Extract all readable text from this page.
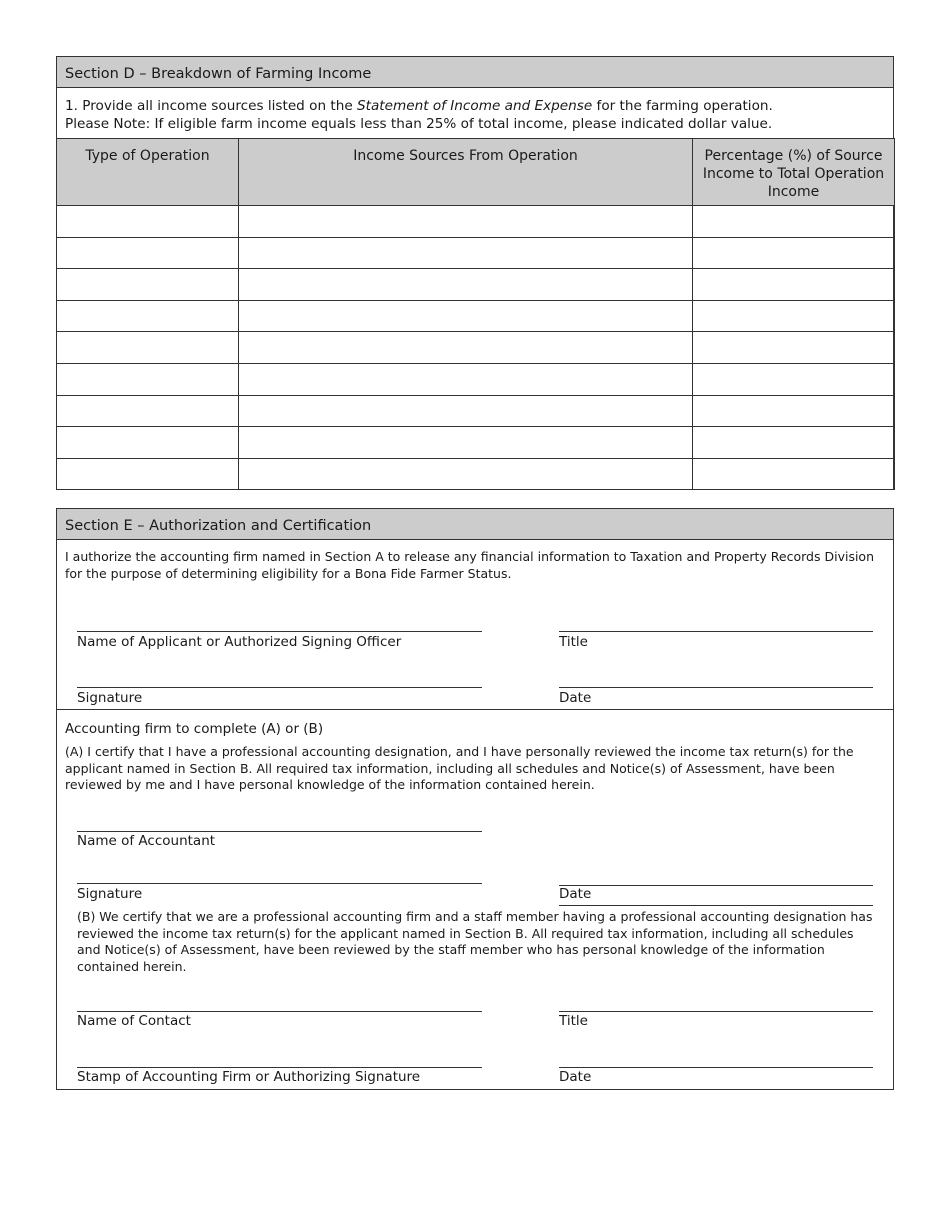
Section D – Breakdown of Farming Income
1. Provide all income sources listed on the Statement of Income and Expense for the farming operation.
Please Note: If eligible farm income equals less than 25% of total income, please indicated dollar value.
Type of Operation	Income Sources From Operation	Percentage (%) of Source Income to Total Operation Income

Section E – Authorization and Certification
I authorize the accounting firm named in Section A to release any financial information to Taxation and Property Records Division for the purpose of determining eligibility for a Bona Fide Farmer Status.
Name of Applicant or Authorized Signing Officer	Title
Signature	Date
Accounting firm to complete (A) or (B)
(A) I certify that I have a professional accounting designation, and I have personally reviewed the income tax return(s) for the applicant named in Section B. All required tax information, including all schedules and Notice(s) of Assessment, have been reviewed by me and I have personal knowledge of the information contained herein.
Name of Accountant
Signature	Date
(B) We certify that we are a professional accounting firm and a staff member having a professional accounting designation has reviewed the income tax return(s) for the applicant named in Section B. All required tax information, including all schedules and Notice(s) of Assessment, have been reviewed by the staff member who has personal knowledge of the information contained herein.
Name of Contact	Title
Stamp of Accounting Firm or Authorizing Signature	Date
